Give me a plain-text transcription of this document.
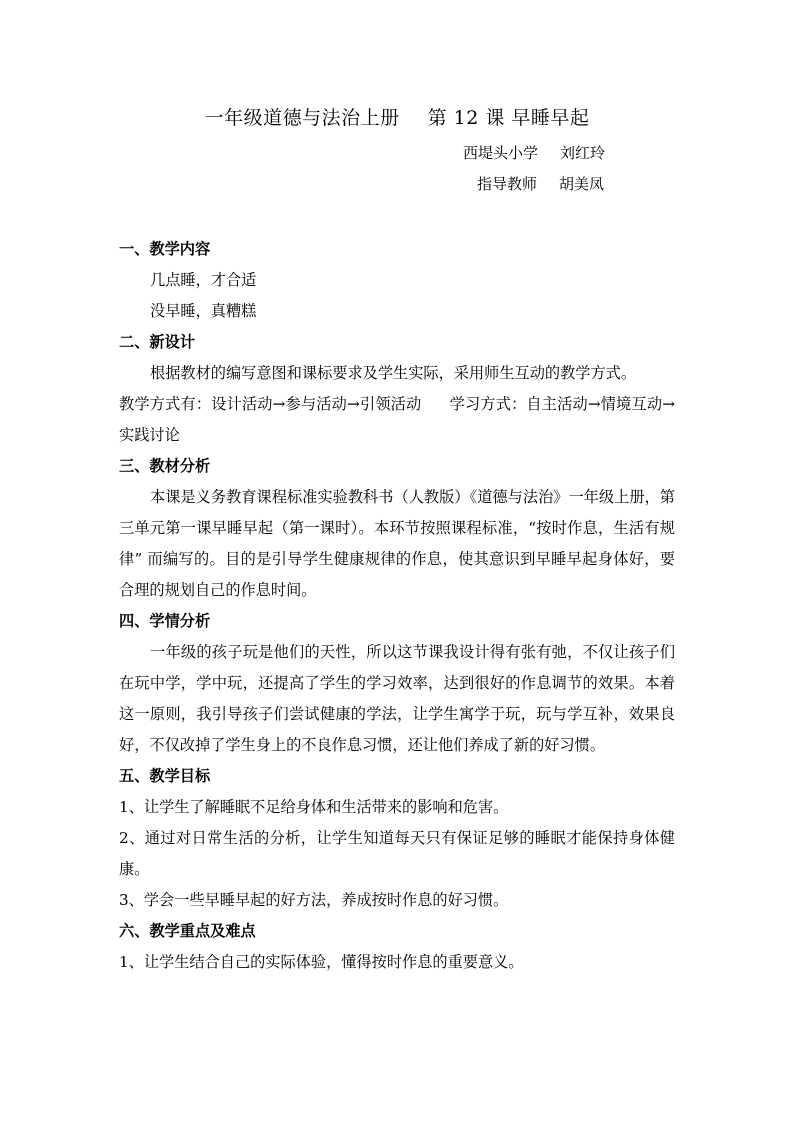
一年级道德与法治上册 第 12 课 早睡早起
西堤头小学 刘红玲
指导教师 胡美凤

一、教学内容

几点睡，才合适

没早睡，真糟糕

二、新设计

根据教材的编写意图和课标要求及学生实际，采用师生互动的教学方式。

教学方式有：设计活动→参与活动→引领活动 学习方式：自主活动→情境互动→实践讨论

三、教材分析

本课是义务教育课程标准实验教科书（人教版）《道德与法治》一年级上册，第三单元第一课早睡早起（第一课时）。本环节按照课程标准，“按时作息，生活有规律” 而编写的。目的是引导学生健康规律的作息，使其意识到早睡早起身体好，要合理的规划自己的作息时间。

四、学情分析

一年级的孩子玩是他们的天性，所以这节课我设计得有张有弛，不仅让孩子们在玩中学，学中玩，还提高了学生的学习效率，达到很好的作息调节的效果。本着这一原则，我引导孩子们尝试健康的学法，让学生寓学于玩，玩与学互补，效果良好，不仅改掉了学生身上的不良作息习惯，还让他们养成了新的好习惯。

五、教学目标

1、让学生了解睡眠不足给身体和生活带来的影响和危害。

2、通过对日常生活的分析，让学生知道每天只有保证足够的睡眠才能保持身体健康。

3、学会一些早睡早起的好方法，养成按时作息的好习惯。

六、教学重点及难点

1、让学生结合自己的实际体验，懂得按时作息的重要意义。
